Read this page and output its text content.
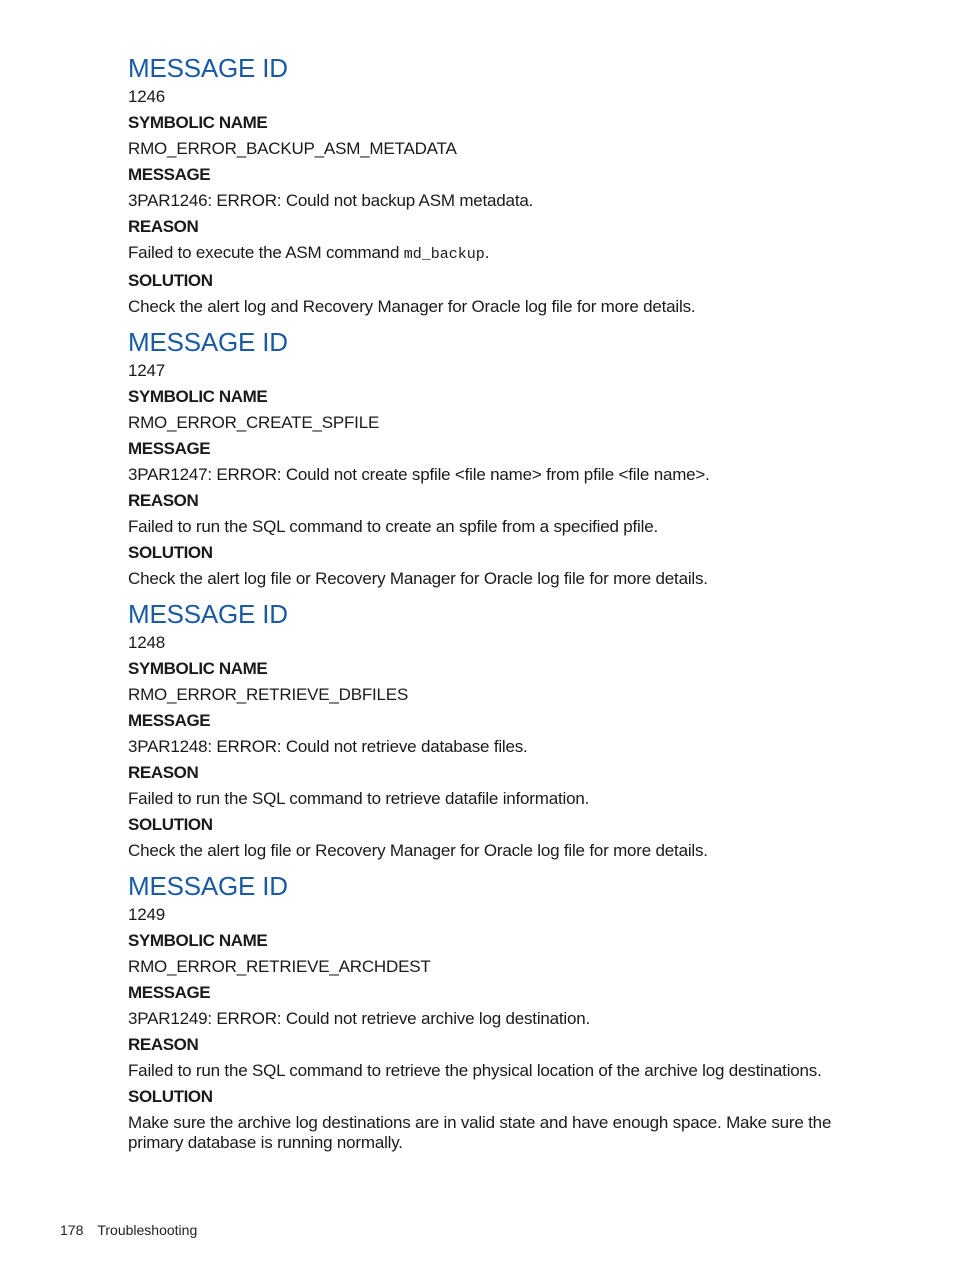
MESSAGE ID
1246
SYMBOLIC NAME
RMO_ERROR_BACKUP_ASM_METADATA
MESSAGE
3PAR1246: ERROR: Could not backup ASM metadata.
REASON
Failed to execute the ASM command md_backup.
SOLUTION
Check the alert log and Recovery Manager for Oracle log file for more details.
MESSAGE ID
1247
SYMBOLIC NAME
RMO_ERROR_CREATE_SPFILE
MESSAGE
3PAR1247: ERROR: Could not create spfile <file name> from pfile <file name>.
REASON
Failed to run the SQL command to create an spfile from a specified pfile.
SOLUTION
Check the alert log file or Recovery Manager for Oracle log file for more details.
MESSAGE ID
1248
SYMBOLIC NAME
RMO_ERROR_RETRIEVE_DBFILES
MESSAGE
3PAR1248: ERROR: Could not retrieve database files.
REASON
Failed to run the SQL command to retrieve datafile information.
SOLUTION
Check the alert log file or Recovery Manager for Oracle log file for more details.
MESSAGE ID
1249
SYMBOLIC NAME
RMO_ERROR_RETRIEVE_ARCHDEST
MESSAGE
3PAR1249: ERROR: Could not retrieve archive log destination.
REASON
Failed to run the SQL command to retrieve the physical location of the archive log destinations.
SOLUTION
Make sure the archive log destinations are in valid state and have enough space. Make sure the primary database is running normally.
178 Troubleshooting
